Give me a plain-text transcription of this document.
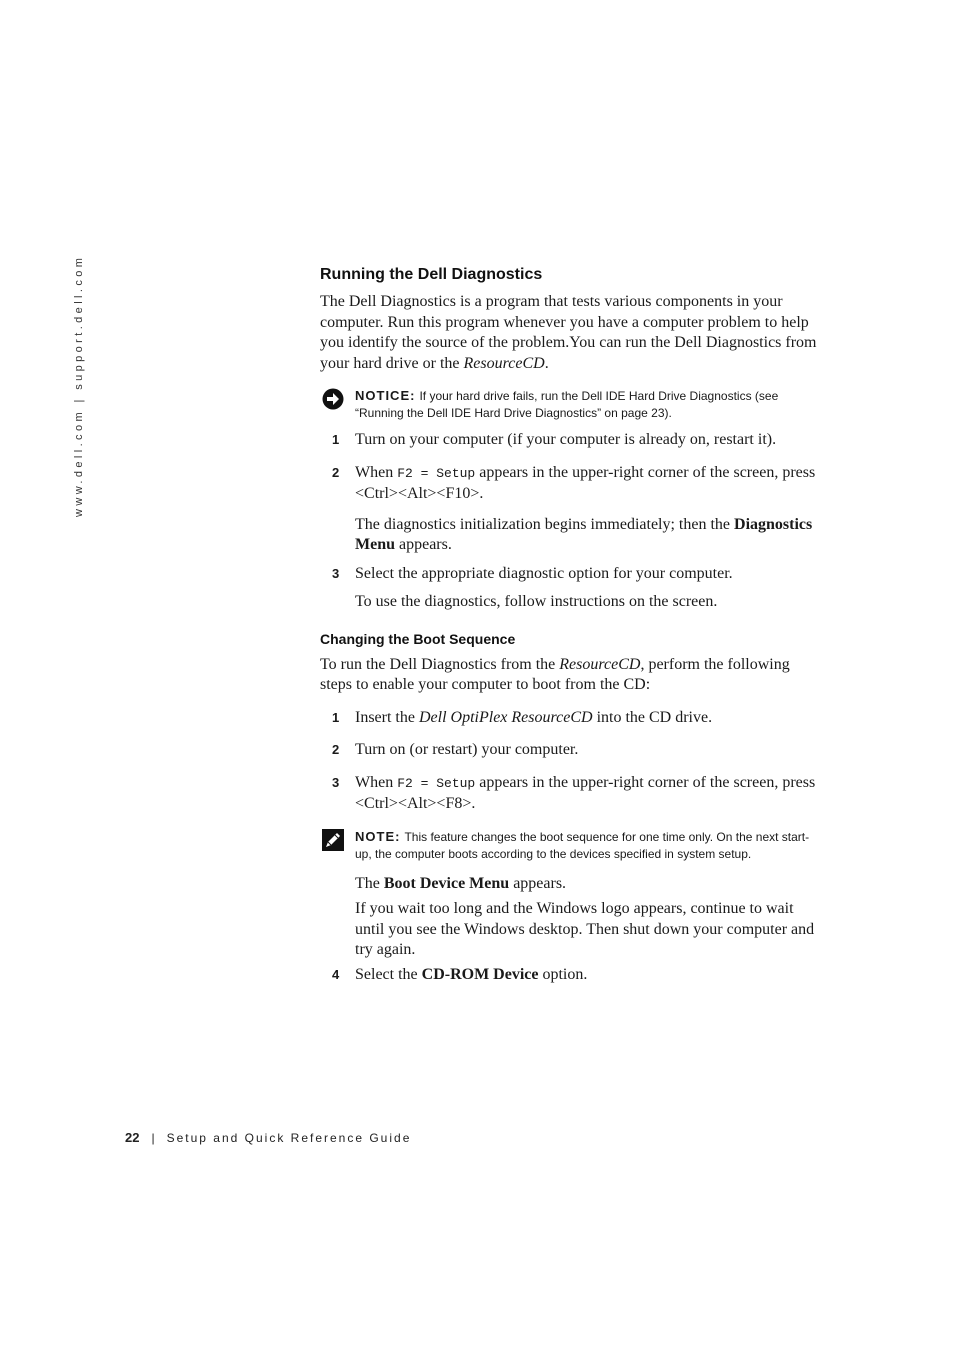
www.dell.com | support.dell.com	Running the Dell Diagnostics

The Dell Diagnostics is a program that tests various components in your computer. Run this program whenever you have a computer problem to help you identify the source of the problem.You can run the Dell Diagnostics from your hard drive or the ResourceCD.

NOTICE: If your hard drive fails, run the Dell IDE Hard Drive Diagnostics (see “Running the Dell IDE Hard Drive Diagnostics” on page 23).
1 Turn on your computer (if your computer is already on, restart it).

2 When F2 = Setup appears in the upper-right corner of the screen, press <Ctrl><Alt><F10>.

The diagnostics initialization begins immediately; then the Diagnostics Menu appears.

3 Select the appropriate diagnostic option for your computer.

To use the diagnostics, follow instructions on the screen.

Changing the Boot Sequence

To run the Dell Diagnostics from the ResourceCD, perform the following steps to enable your computer to boot from the CD:

1 Insert the Dell OptiPlex ResourceCD into the CD drive.

2 Turn on (or restart) your computer.

3 When F2 = Setup appears in the upper-right corner of the screen, press <Ctrl><Alt><F8>.

NOTE: This feature changes the boot sequence for one time only. On the next start-up, the computer boots according to the devices specified in system setup.

The Boot Device Menu appears.

If you wait too long and the Windows logo appears, continue to wait until you see the Windows desktop. Then shut down your computer and try again.

4 Select the CD-ROM Device option.

22 | Setup and Quick Reference Guide
